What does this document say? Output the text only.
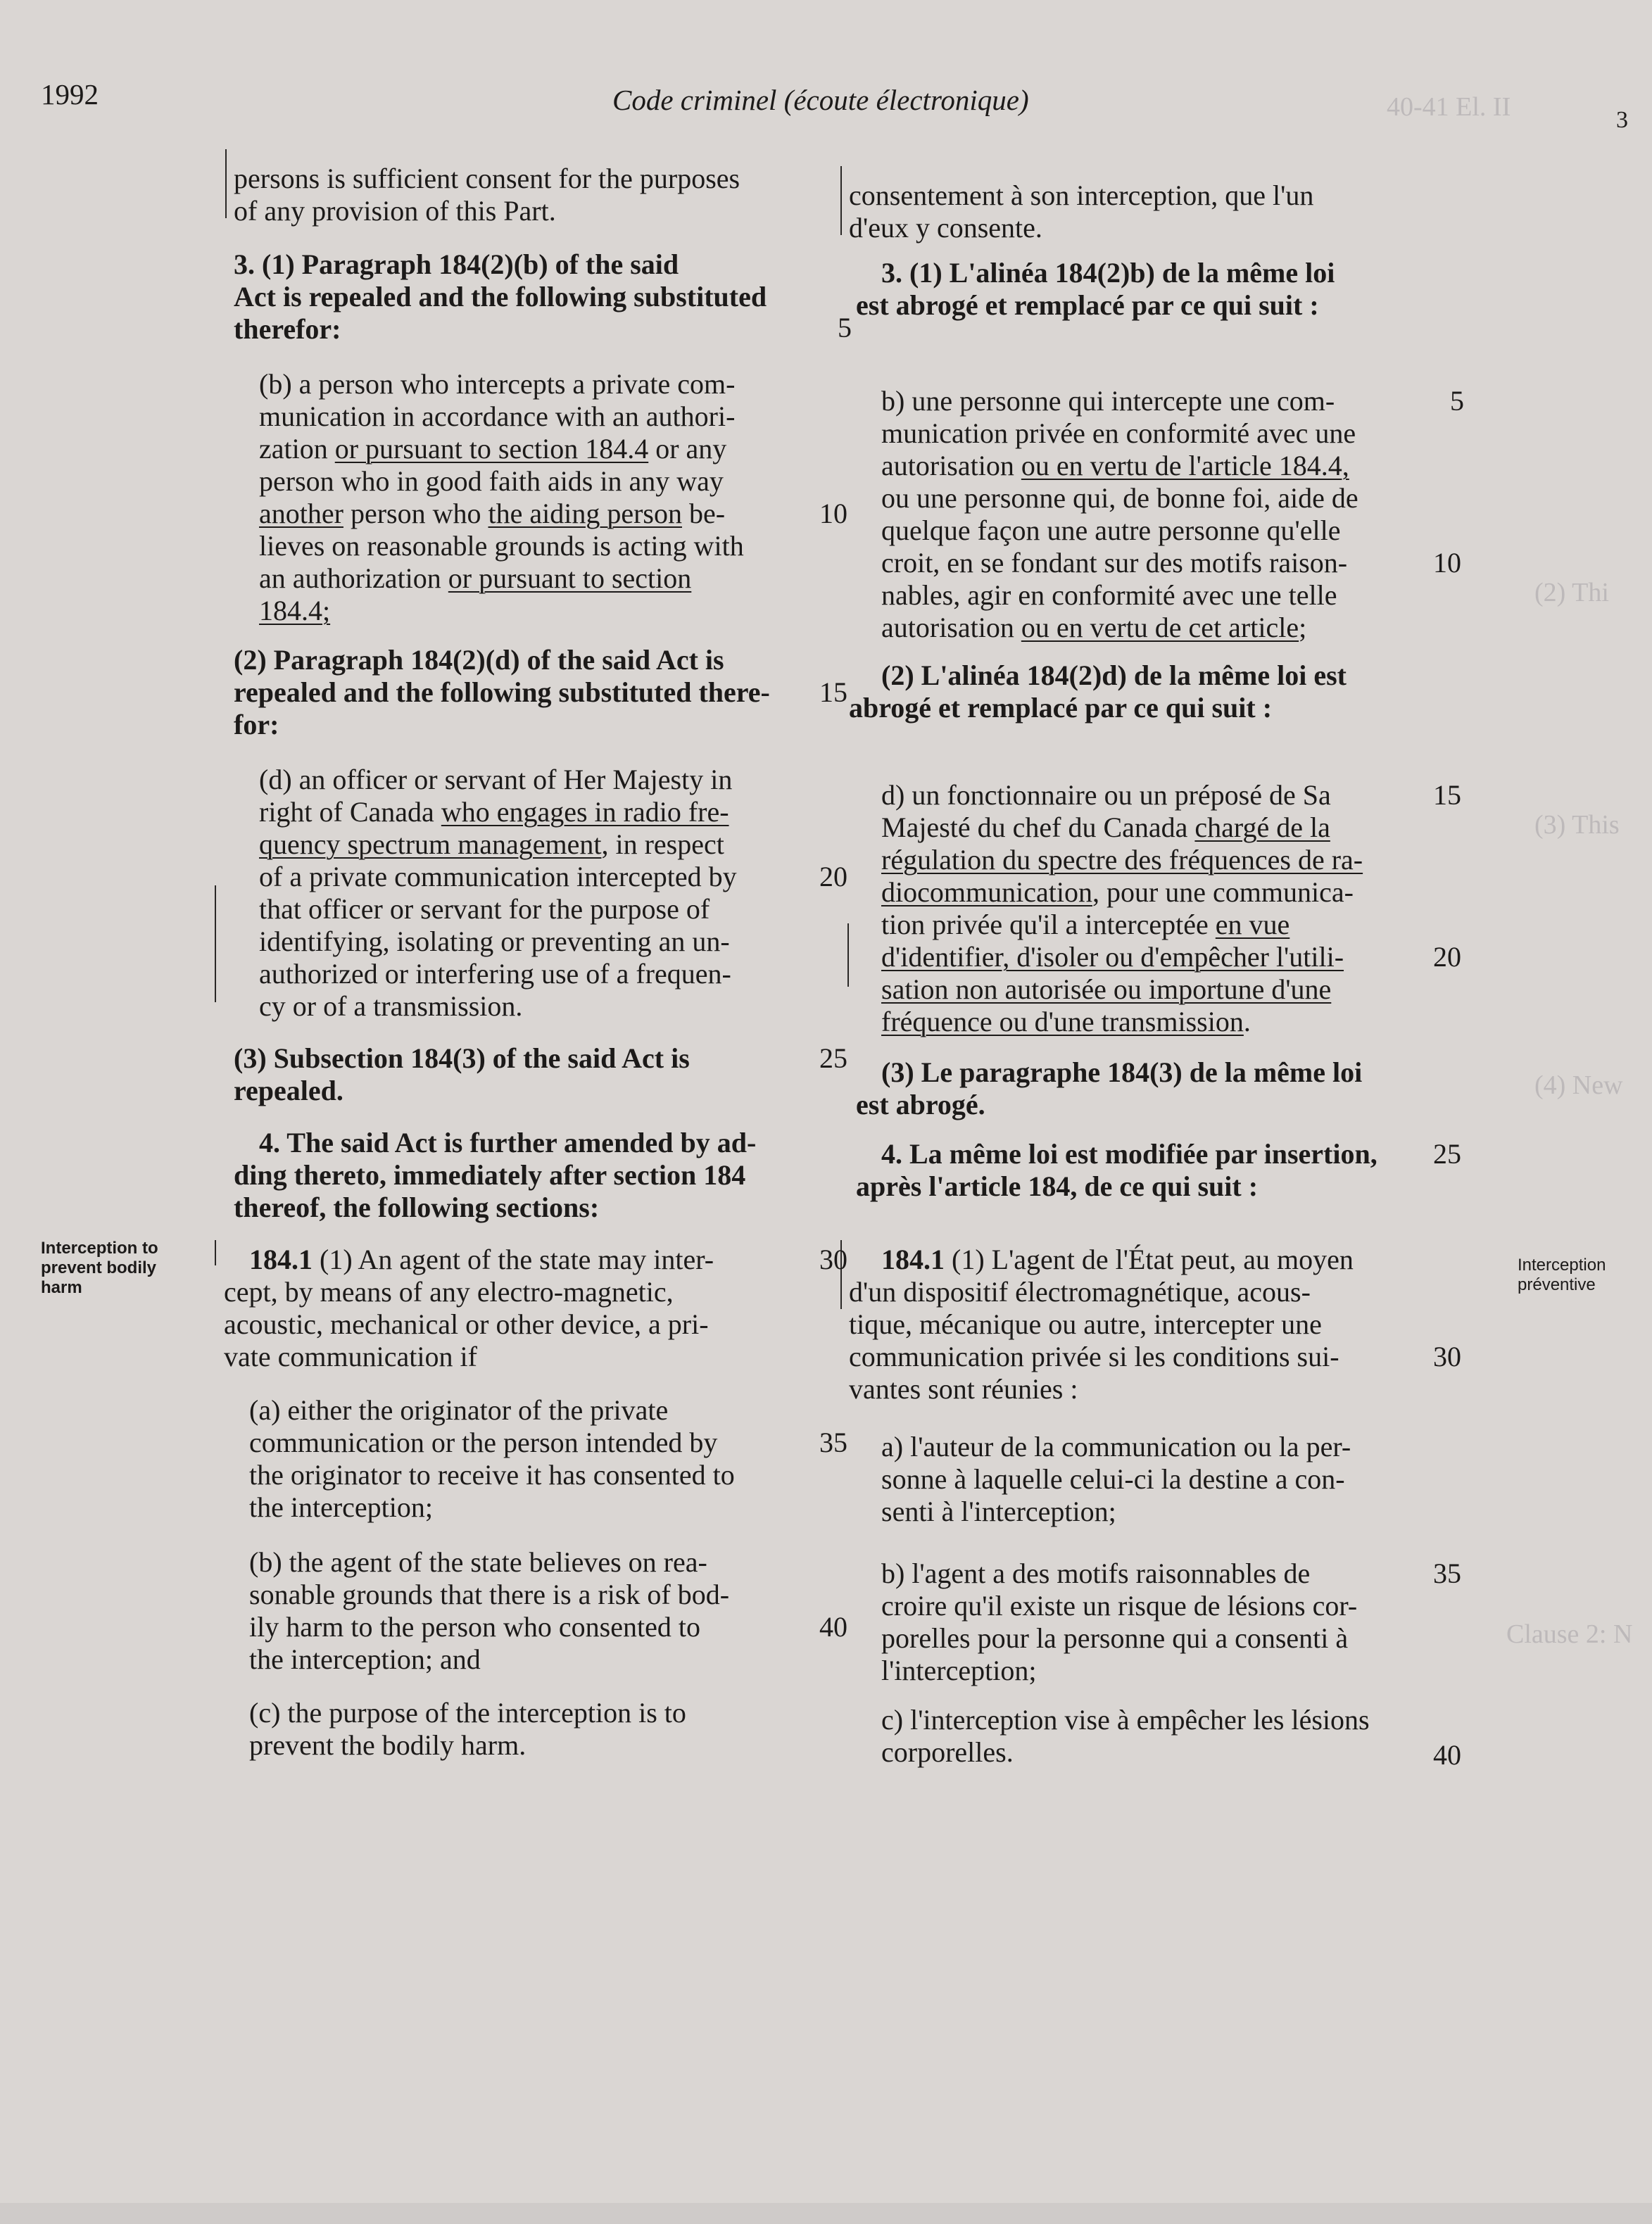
40-41 El. II
(2) Thi
(3) This
(4) New
Clause 2: N
1992	Code criminel (écoute électronique)
3
persons is sufficient consent for the purposes
of any provision of this Part.
3. (1) Paragraph 184(2)(b) of the said
Act is repealed and the following substituted
therefor:
(b) a person who intercepts a private com-
munication in accordance with an authori-
zation or pursuant to section 184.4 or any
person who in good faith aids in any way
another person who the aiding person be-
lieves on reasonable grounds is acting with
an authorization or pursuant to section
184.4;
(2) Paragraph 184(2)(d) of the said Act is
repealed and the following substituted there-
for:
(d) an officer or servant of Her Majesty in
right of Canada who engages in radio fre-
quency spectrum management, in respect
of a private communication intercepted by
that officer or servant for the purpose of
identifying, isolating or preventing an un-
authorized or interfering use of a frequen-
cy or of a transmission.
(3) Subsection 184(3) of the said Act is
repealed.
4. The said Act is further amended by ad-
ding thereto, immediately after section 184
thereof, the following sections:
184.1 (1) An agent of the state may inter-
cept, by means of any electro-magnetic,
acoustic, mechanical or other device, a pri-
vate communication if
(a) either the originator of the private
communication or the person intended by
the originator to receive it has consented to
the interception;
(b) the agent of the state believes on rea-
sonable grounds that there is a risk of bod-
ily harm to the person who consented to
the interception; and
(c) the purpose of the interception is to
prevent the bodily harm.
Interception to
prevent bodily
harm
5
10
15
20
25
30
35
40
consentement à son interception, que l'un
d'eux y consente.
3. (1) L'alinéa 184(2)b) de la même loi
est abrogé et remplacé par ce qui suit :
b) une personne qui intercepte une com-
munication privée en conformité avec une
autorisation ou en vertu de l'article 184.4,
ou une personne qui, de bonne foi, aide de
quelque façon une autre personne qu'elle
croit, en se fondant sur des motifs raison-
nables, agir en conformité avec une telle
autorisation ou en vertu de cet article;
(2) L'alinéa 184(2)d) de la même loi est
abrogé et remplacé par ce qui suit :
d) un fonctionnaire ou un préposé de Sa
Majesté du chef du Canada chargé de la
régulation du spectre des fréquences de ra-
diocommunication, pour une communica-
tion privée qu'il a interceptée en vue
d'identifier, d'isoler ou d'empêcher l'utili-
sation non autorisée ou importune d'une
fréquence ou d'une transmission.
(3) Le paragraphe 184(3) de la même loi
est abrogé.
4. La même loi est modifiée par insertion,
après l'article 184, de ce qui suit :
184.1 (1) L'agent de l'État peut, au moyen
d'un dispositif électromagnétique, acous-
tique, mécanique ou autre, intercepter une
communication privée si les conditions sui-
vantes sont réunies :
a) l'auteur de la communication ou la per-
sonne à laquelle celui-ci la destine a con-
senti à l'interception;
b) l'agent a des motifs raisonnables de
croire qu'il existe un risque de lésions cor-
porelles pour la personne qui a consenti à
l'interception;
c) l'interception vise à empêcher les lésions
corporelles.
Interception
préventive
5
10
15
20
25
30
35
40
